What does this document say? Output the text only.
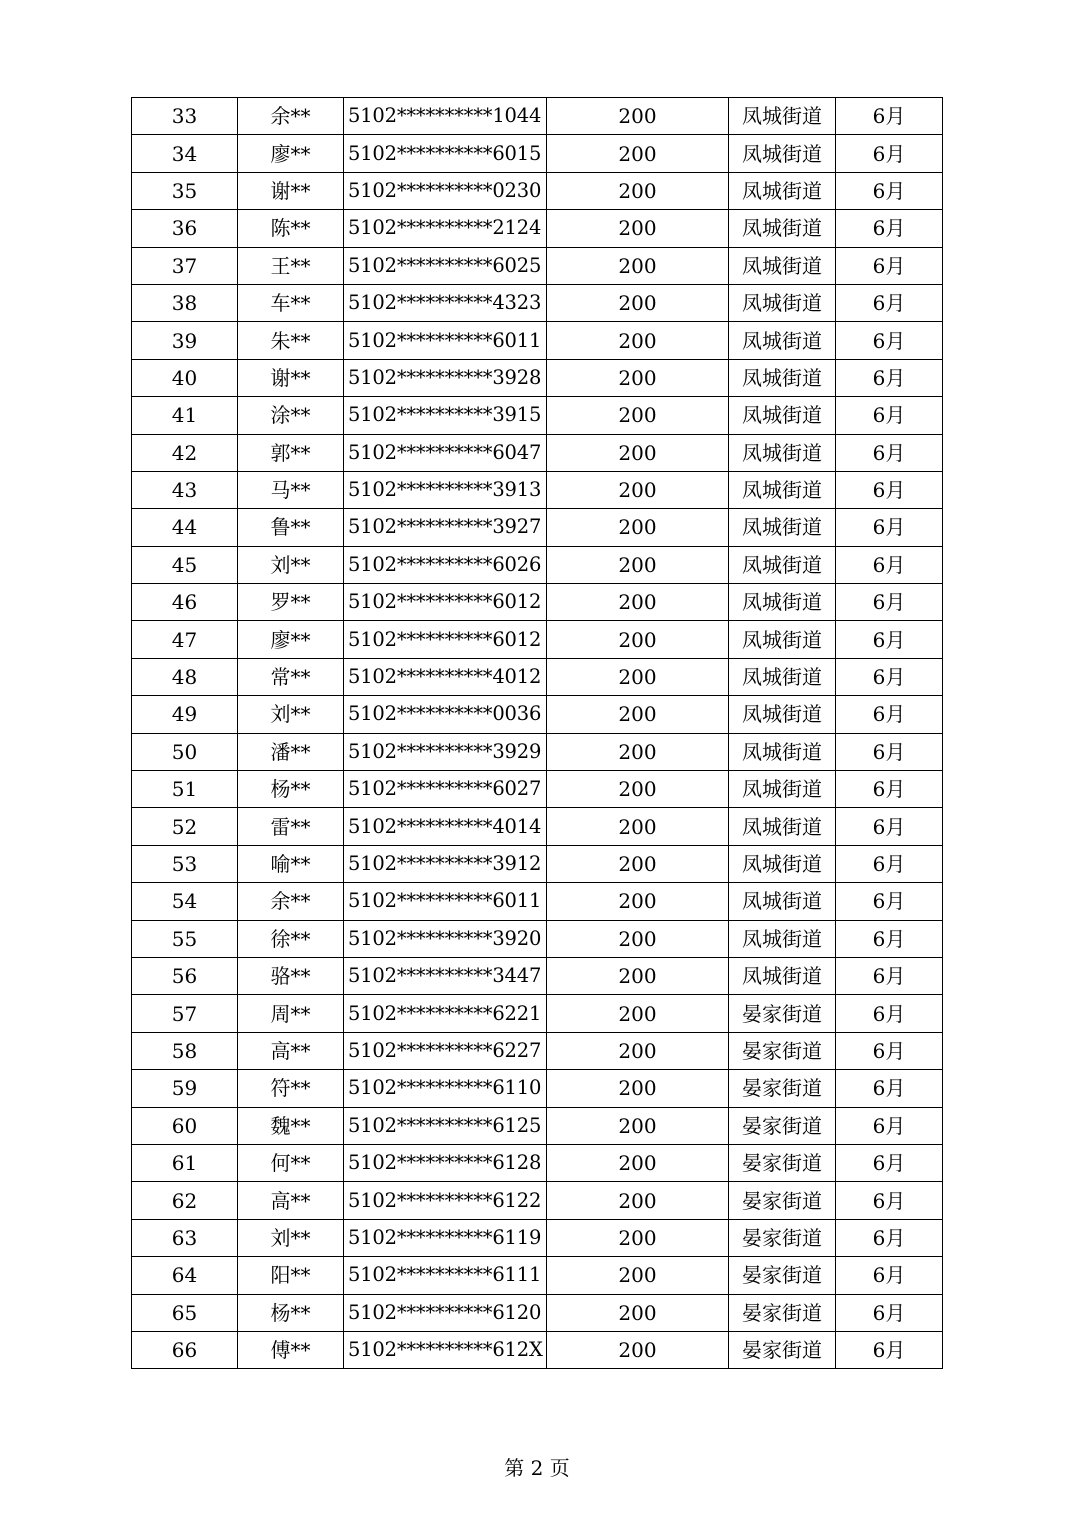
33	余**	5102**********1044	200	凤城街道	6月
34	廖**	5102**********6015	200	凤城街道	6月
35	谢**	5102**********0230	200	凤城街道	6月
36	陈**	5102**********2124	200	凤城街道	6月
37	王**	5102**********6025	200	凤城街道	6月
38	车**	5102**********4323	200	凤城街道	6月
39	朱**	5102**********6011	200	凤城街道	6月
40	谢**	5102**********3928	200	凤城街道	6月
41	涂**	5102**********3915	200	凤城街道	6月
42	郭**	5102**********6047	200	凤城街道	6月
43	马**	5102**********3913	200	凤城街道	6月
44	鲁**	5102**********3927	200	凤城街道	6月
45	刘**	5102**********6026	200	凤城街道	6月
46	罗**	5102**********6012	200	凤城街道	6月
47	廖**	5102**********6012	200	凤城街道	6月
48	常**	5102**********4012	200	凤城街道	6月
49	刘**	5102**********0036	200	凤城街道	6月
50	潘**	5102**********3929	200	凤城街道	6月
51	杨**	5102**********6027	200	凤城街道	6月
52	雷**	5102**********4014	200	凤城街道	6月
53	喻**	5102**********3912	200	凤城街道	6月
54	余**	5102**********6011	200	凤城街道	6月
55	徐**	5102**********3920	200	凤城街道	6月
56	骆**	5102**********3447	200	凤城街道	6月
57	周**	5102**********6221	200	晏家街道	6月
58	高**	5102**********6227	200	晏家街道	6月
59	符**	5102**********6110	200	晏家街道	6月
60	魏**	5102**********6125	200	晏家街道	6月
61	何**	5102**********6128	200	晏家街道	6月
62	高**	5102**********6122	200	晏家街道	6月
63	刘**	5102**********6119	200	晏家街道	6月
64	阳**	5102**********6111	200	晏家街道	6月
65	杨**	5102**********6120	200	晏家街道	6月
66	傅**	5102**********612X	200	晏家街道	6月
第 2 页
